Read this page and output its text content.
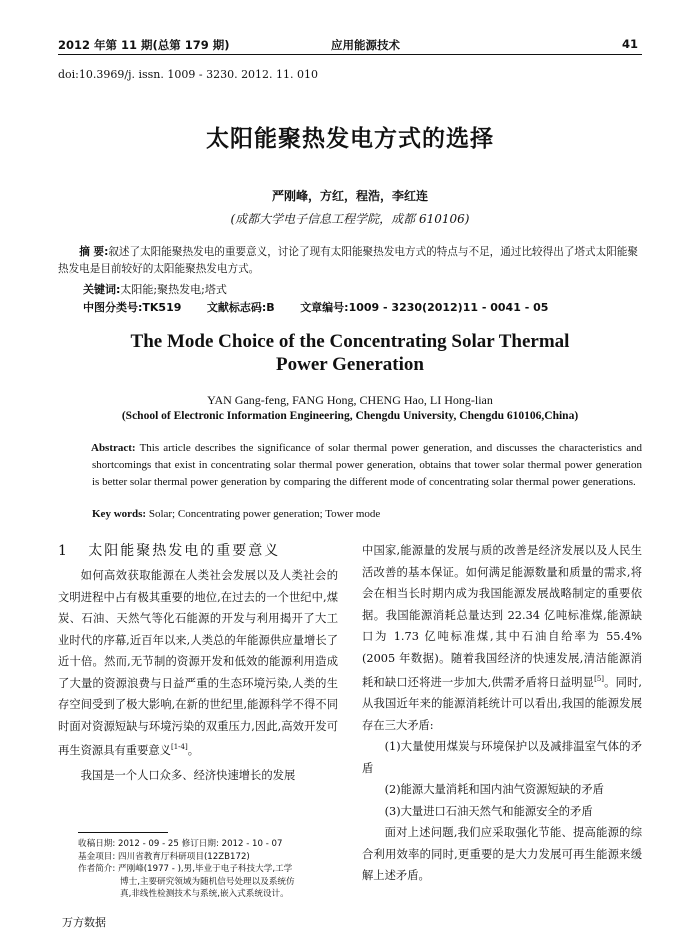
2012 年第 11 期(总第 179 期)	应用能源技术	41
doi:10.3969/j. issn. 1009 - 3230. 2012. 11. 010
太阳能聚热发电方式的选择
严刚峰，方红，程浩，李红连
(成都大学电子信息工程学院，成都 610106)
摘 要:叙述了太阳能聚热发电的重要意义，讨论了现有太阳能聚热发电方式的特点与不足，通过比较得出了塔式太阳能聚热发电是目前较好的太阳能聚热发电方式。
关键词:太阳能;聚热发电;塔式
中图分类号:TK519 文献标志码:B 文章编号:1009 - 3230(2012)11 - 0041 - 05
The Mode Choice of the Concentrating Solar Thermal
Power Generation
YAN Gang-feng, FANG Hong, CHENG Hao, LI Hong-lian
(School of Electronic Information Engineering, Chengdu University, Chengdu 610106,China)
Abstract: This article describes the significance of solar thermal power generation, and discusses the characteristics and shortcomings that exist in concentrating solar thermal power generation, obtains that tower solar thermal power generation is better solar thermal power generation by comparing the different mode of concentrating solar thermal power generations.
Key words: Solar; Concentrating power generation; Tower mode
1 太阳能聚热发电的重要意义

如何高效获取能源在人类社会发展以及人类社会的文明进程中占有极其重要的地位,在过去的一个世纪中,煤炭、石油、天然气等化石能源的开发与利用揭开了大工业时代的序幕,近百年以来,人类总的年能源供应量增长了近十倍。然而,无节制的资源开发和低效的能源利用造成了大量的资源浪费与日益严重的生态环境污染,人类的生存空间受到了极大影响,在新的世纪里,能源科学不得不同时面对资源短缺与环境污染的双重压力,因此,高效开发可再生资源具有重要意义[1-4]。

我国是一个人口众多、经济快速增长的发展

中国家,能源量的发展与质的改善是经济发展以及人民生活改善的基本保证。如何满足能源数量和质量的需求,将会在相当长时期内成为我国能源发展战略制定的重要依据。我国能源消耗总量达到 22.34 亿吨标准煤,能源缺口为 1.73 亿吨标准煤,其中石油自给率为 55.4% (2005 年数据)。随着我国经济的快速发展,清洁能源消耗和缺口还将进一步加大,供需矛盾将日益明显[5]。同时,从我国近年来的能源消耗统计可以看出,我国的能源发展存在三大矛盾:

(1)大量使用煤炭与环境保护以及减排温室气体的矛盾

(2)能源大量消耗和国内油气资源短缺的矛盾

(3)大量进口石油天然气和能源安全的矛盾

面对上述问题,我们应采取强化节能、提高能源的综合利用效率的同时,更重要的是大力发展可再生能源来缓解上述矛盾。

收稿日期: 2012 - 09 - 25 修订日期: 2012 - 10 - 07
基金项目: 四川省教育厅科研项目(12ZB172)
作者简介: 严刚峰(1977 - ),男,毕业于电子科技大学,工学
博士,主要研究领域为随机信号处理以及系统仿
真,非线性检测技术与系统,嵌入式系统设计。
万方数据
